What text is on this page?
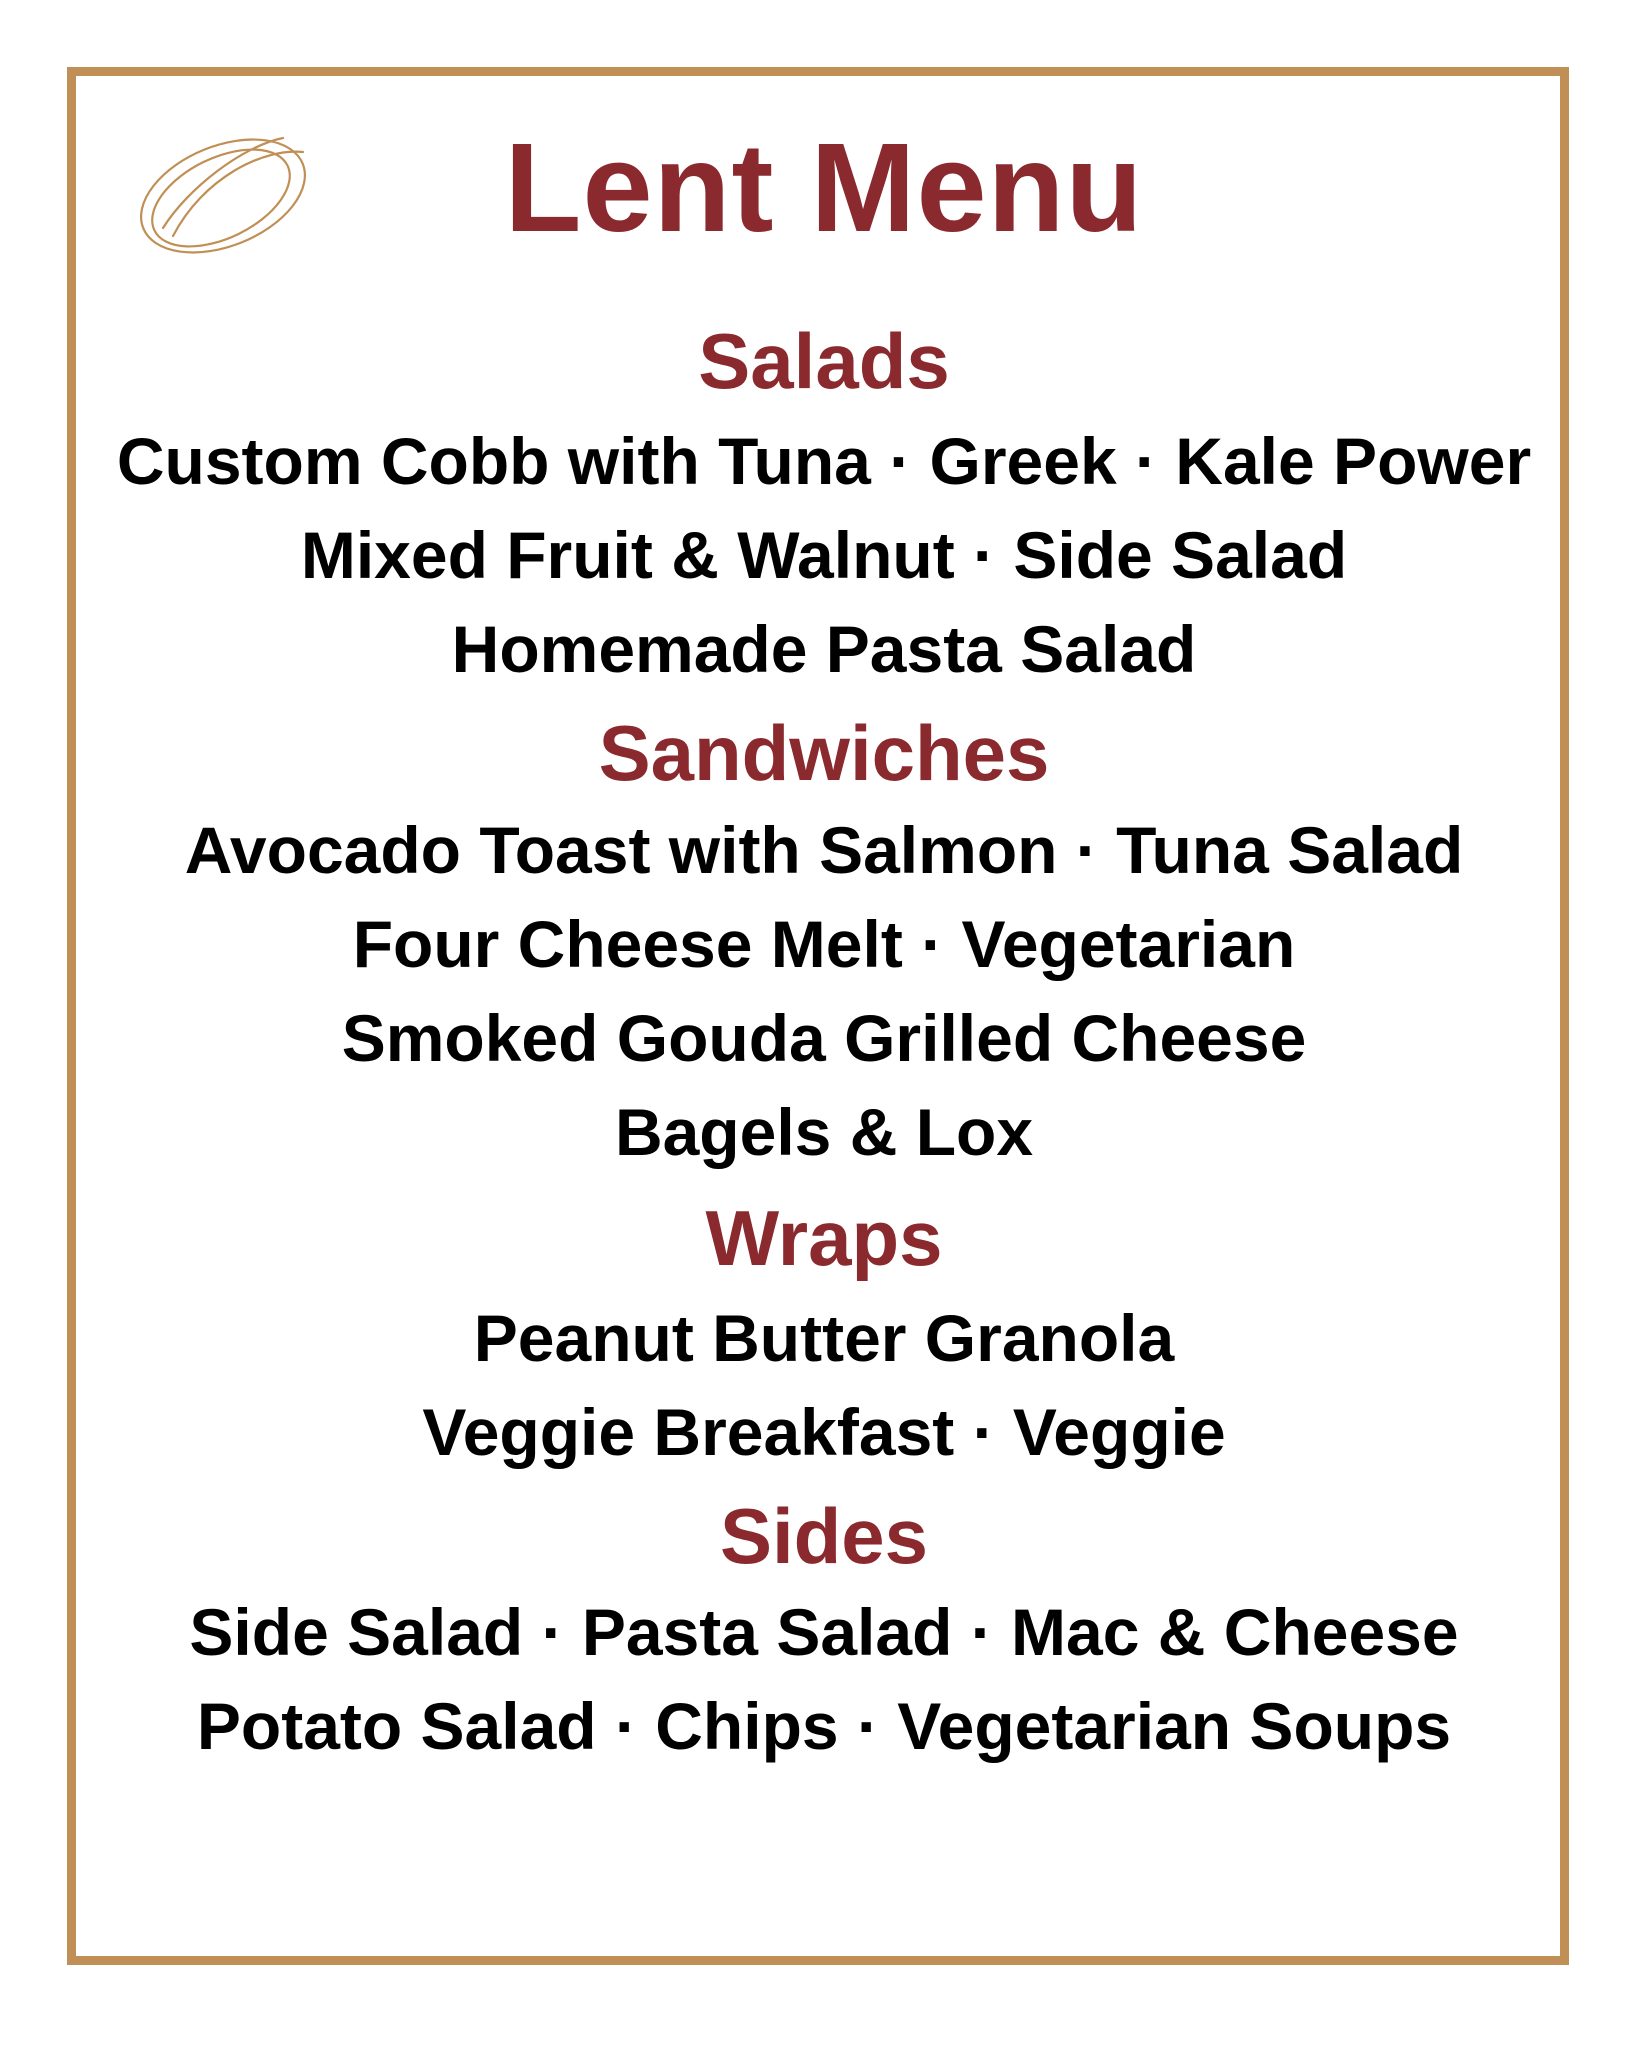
Lent Menu
Salads
Custom Cobb with Tuna · Greek · Kale Power
Mixed Fruit & Walnut · Side Salad
Homemade Pasta Salad
Sandwiches
Avocado Toast with Salmon · Tuna Salad
Four Cheese Melt · Vegetarian
Smoked Gouda Grilled Cheese
Bagels & Lox
Wraps
Peanut Butter Granola
Veggie Breakfast · Veggie
Sides
Side Salad · Pasta Salad · Mac & Cheese
Potato Salad · Chips · Vegetarian Soups
